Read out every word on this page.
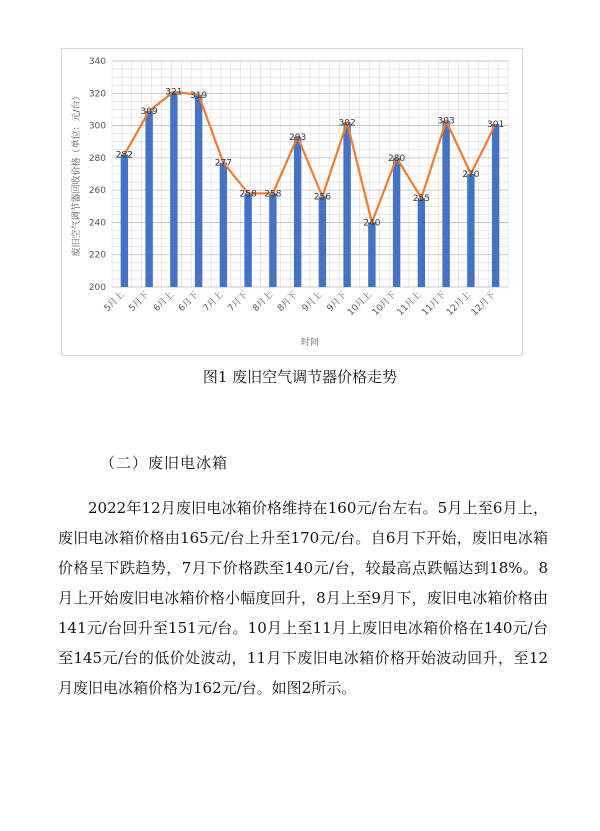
200
220
240
260
280
300
320
340
282
309
321 319
277
258 258
293
256
302
240
280
255
303
270
301
5月上 5月下 6月上 6月下 7月上 7月下 8月上 8月下 9月上 9月下
10月上
10月下
11月上
11月下
12月上
12月下
时间
废旧空气调节器回收价格（单位：元/台）
图1 废旧空气调节器价格走势
（二）废旧电冰箱

2022年12月废旧电冰箱价格维持在160元/台左右。5月上至6月上，废旧电冰箱价格由165元/台上升至170元/台。自6月下开始，废旧电冰箱价格呈下跌趋势，7月下价格跌至140元/台，较最高点跌幅达到18%。8月上开始废旧电冰箱价格小幅度回升，8月上至9月下，废旧电冰箱价格由141元/台回升至151元/台。10月上至11月上废旧电冰箱价格在140元/台至145元/台的低价处波动，11月下废旧电冰箱价格开始波动回升，至12月废旧电冰箱价格为162元/台。如图2所示。
